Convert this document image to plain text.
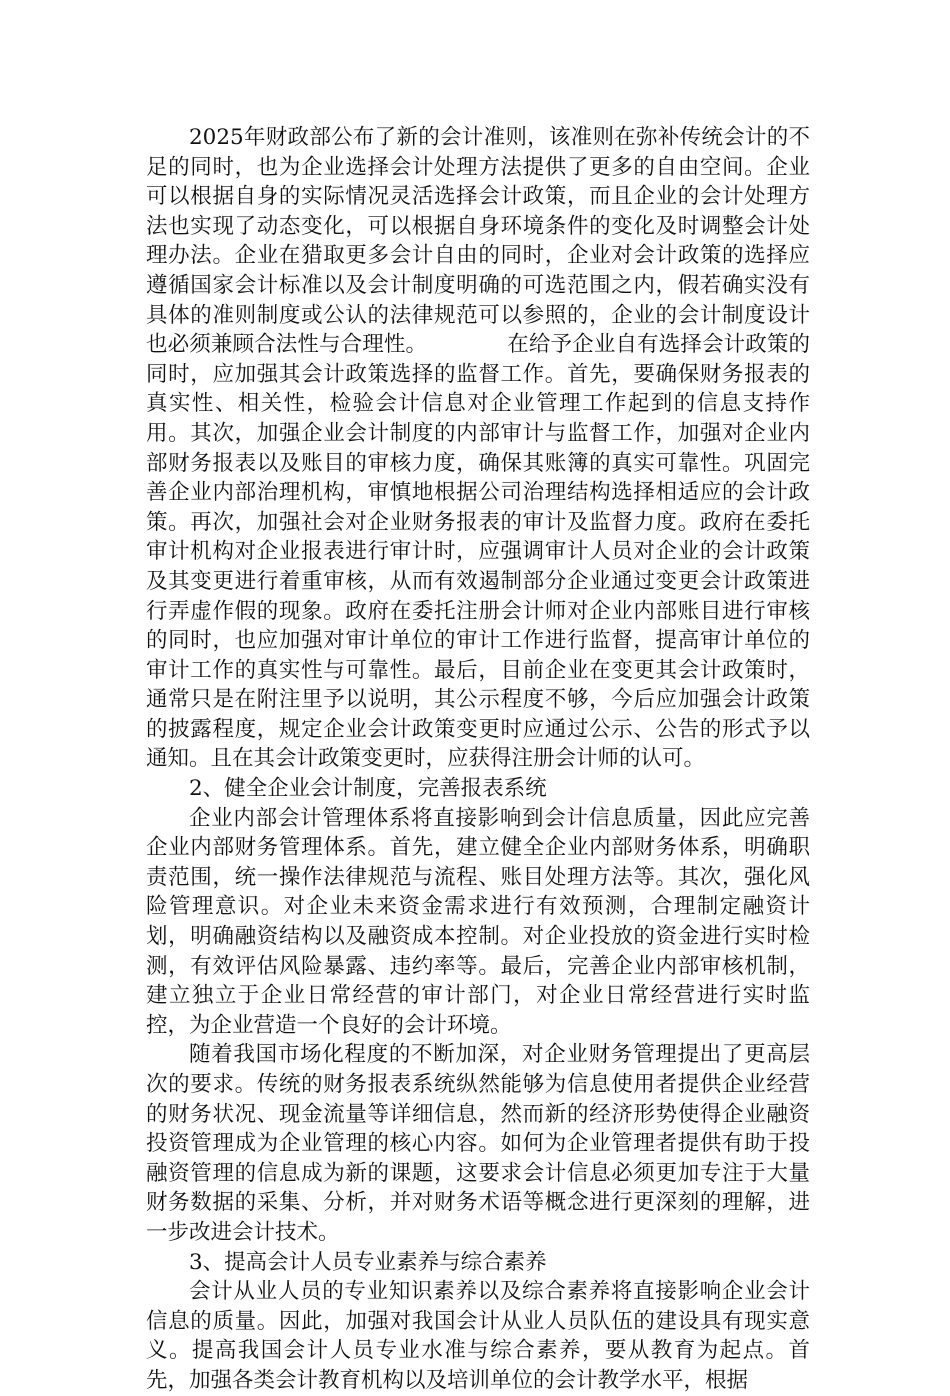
2025年财政部公布了新的会计准则，该准则在弥补传统会计的不足的同时，也为企业选择会计处理方法提供了更多的自由空间。企业可以根据自身的实际情况灵活选择会计政策，而且企业的会计处理方法也实现了动态变化，可以根据自身环境条件的变化及时调整会计处理办法。企业在猎取更多会计自由的同时，企业对会计政策的选择应遵循国家会计标准以及会计制度明确的可选范围之内，假若确实没有具体的准则制度或公认的法律规范可以参照的，企业的会计制度设计也必须兼顾合法性与合理性。	在给予企业自有选择会计政策的同时，应加强其会计政策选择的监督工作。首先，要确保财务报表的真实性、相关性，检验会计信息对企业管理工作起到的信息支持作用。其次，加强企业会计制度的内部审计与监督工作，加强对企业内部财务报表以及账目的审核力度，确保其账簿的真实可靠性。巩固完善企业内部治理机构，审慎地根据公司治理结构选择相适应的会计政策。再次，加强社会对企业财务报表的审计及监督力度。政府在委托审计机构对企业报表进行审计时，应强调审计人员对企业的会计政策及其变更进行着重审核，从而有效遏制部分企业通过变更会计政策进行弄虚作假的现象。政府在委托注册会计师对企业内部账目进行审核的同时，也应加强对审计单位的审计工作进行监督，提高审计单位的审计工作的真实性与可靠性。最后，目前企业在变更其会计政策时，通常只是在附注里予以说明，其公示程度不够，今后应加强会计政策的披露程度，规定企业会计政策变更时应通过公示、公告的形式予以通知。且在其会计政策变更时，应获得注册会计师的认可。

2、健全企业会计制度，完善报表系统

企业内部会计管理体系将直接影响到会计信息质量，因此应完善企业内部财务管理体系。首先，建立健全企业内部财务体系，明确职责范围，统一操作法律规范与流程、账目处理方法等。其次，强化风险管理意识。对企业未来资金需求进行有效预测，合理制定融资计划，明确融资结构以及融资成本控制。对企业投放的资金进行实时检测，有效评估风险暴露、违约率等。最后，完善企业内部审核机制，建立独立于企业日常经营的审计部门，对企业日常经营进行实时监控，为企业营造一个良好的会计环境。

随着我国市场化程度的不断加深，对企业财务管理提出了更高层次的要求。传统的财务报表系统纵然能够为信息使用者提供企业经营的财务状况、现金流量等详细信息，然而新的经济形势使得企业融资投资管理成为企业管理的核心内容。如何为企业管理者提供有助于投融资管理的信息成为新的课题，这要求会计信息必须更加专注于大量财务数据的采集、分析，并对财务术语等概念进行更深刻的理解，进一步改进会计技术。

3、提高会计人员专业素养与综合素养

会计从业人员的专业知识素养以及综合素养将直接影响企业会计信息的质量。因此，加强对我国会计从业人员队伍的建设具有现实意义。提高我国会计人员专业水准与综合素养，要从教育为起点。首先，加强各类会计教育机构以及培训单位的会计教学水平，根据
